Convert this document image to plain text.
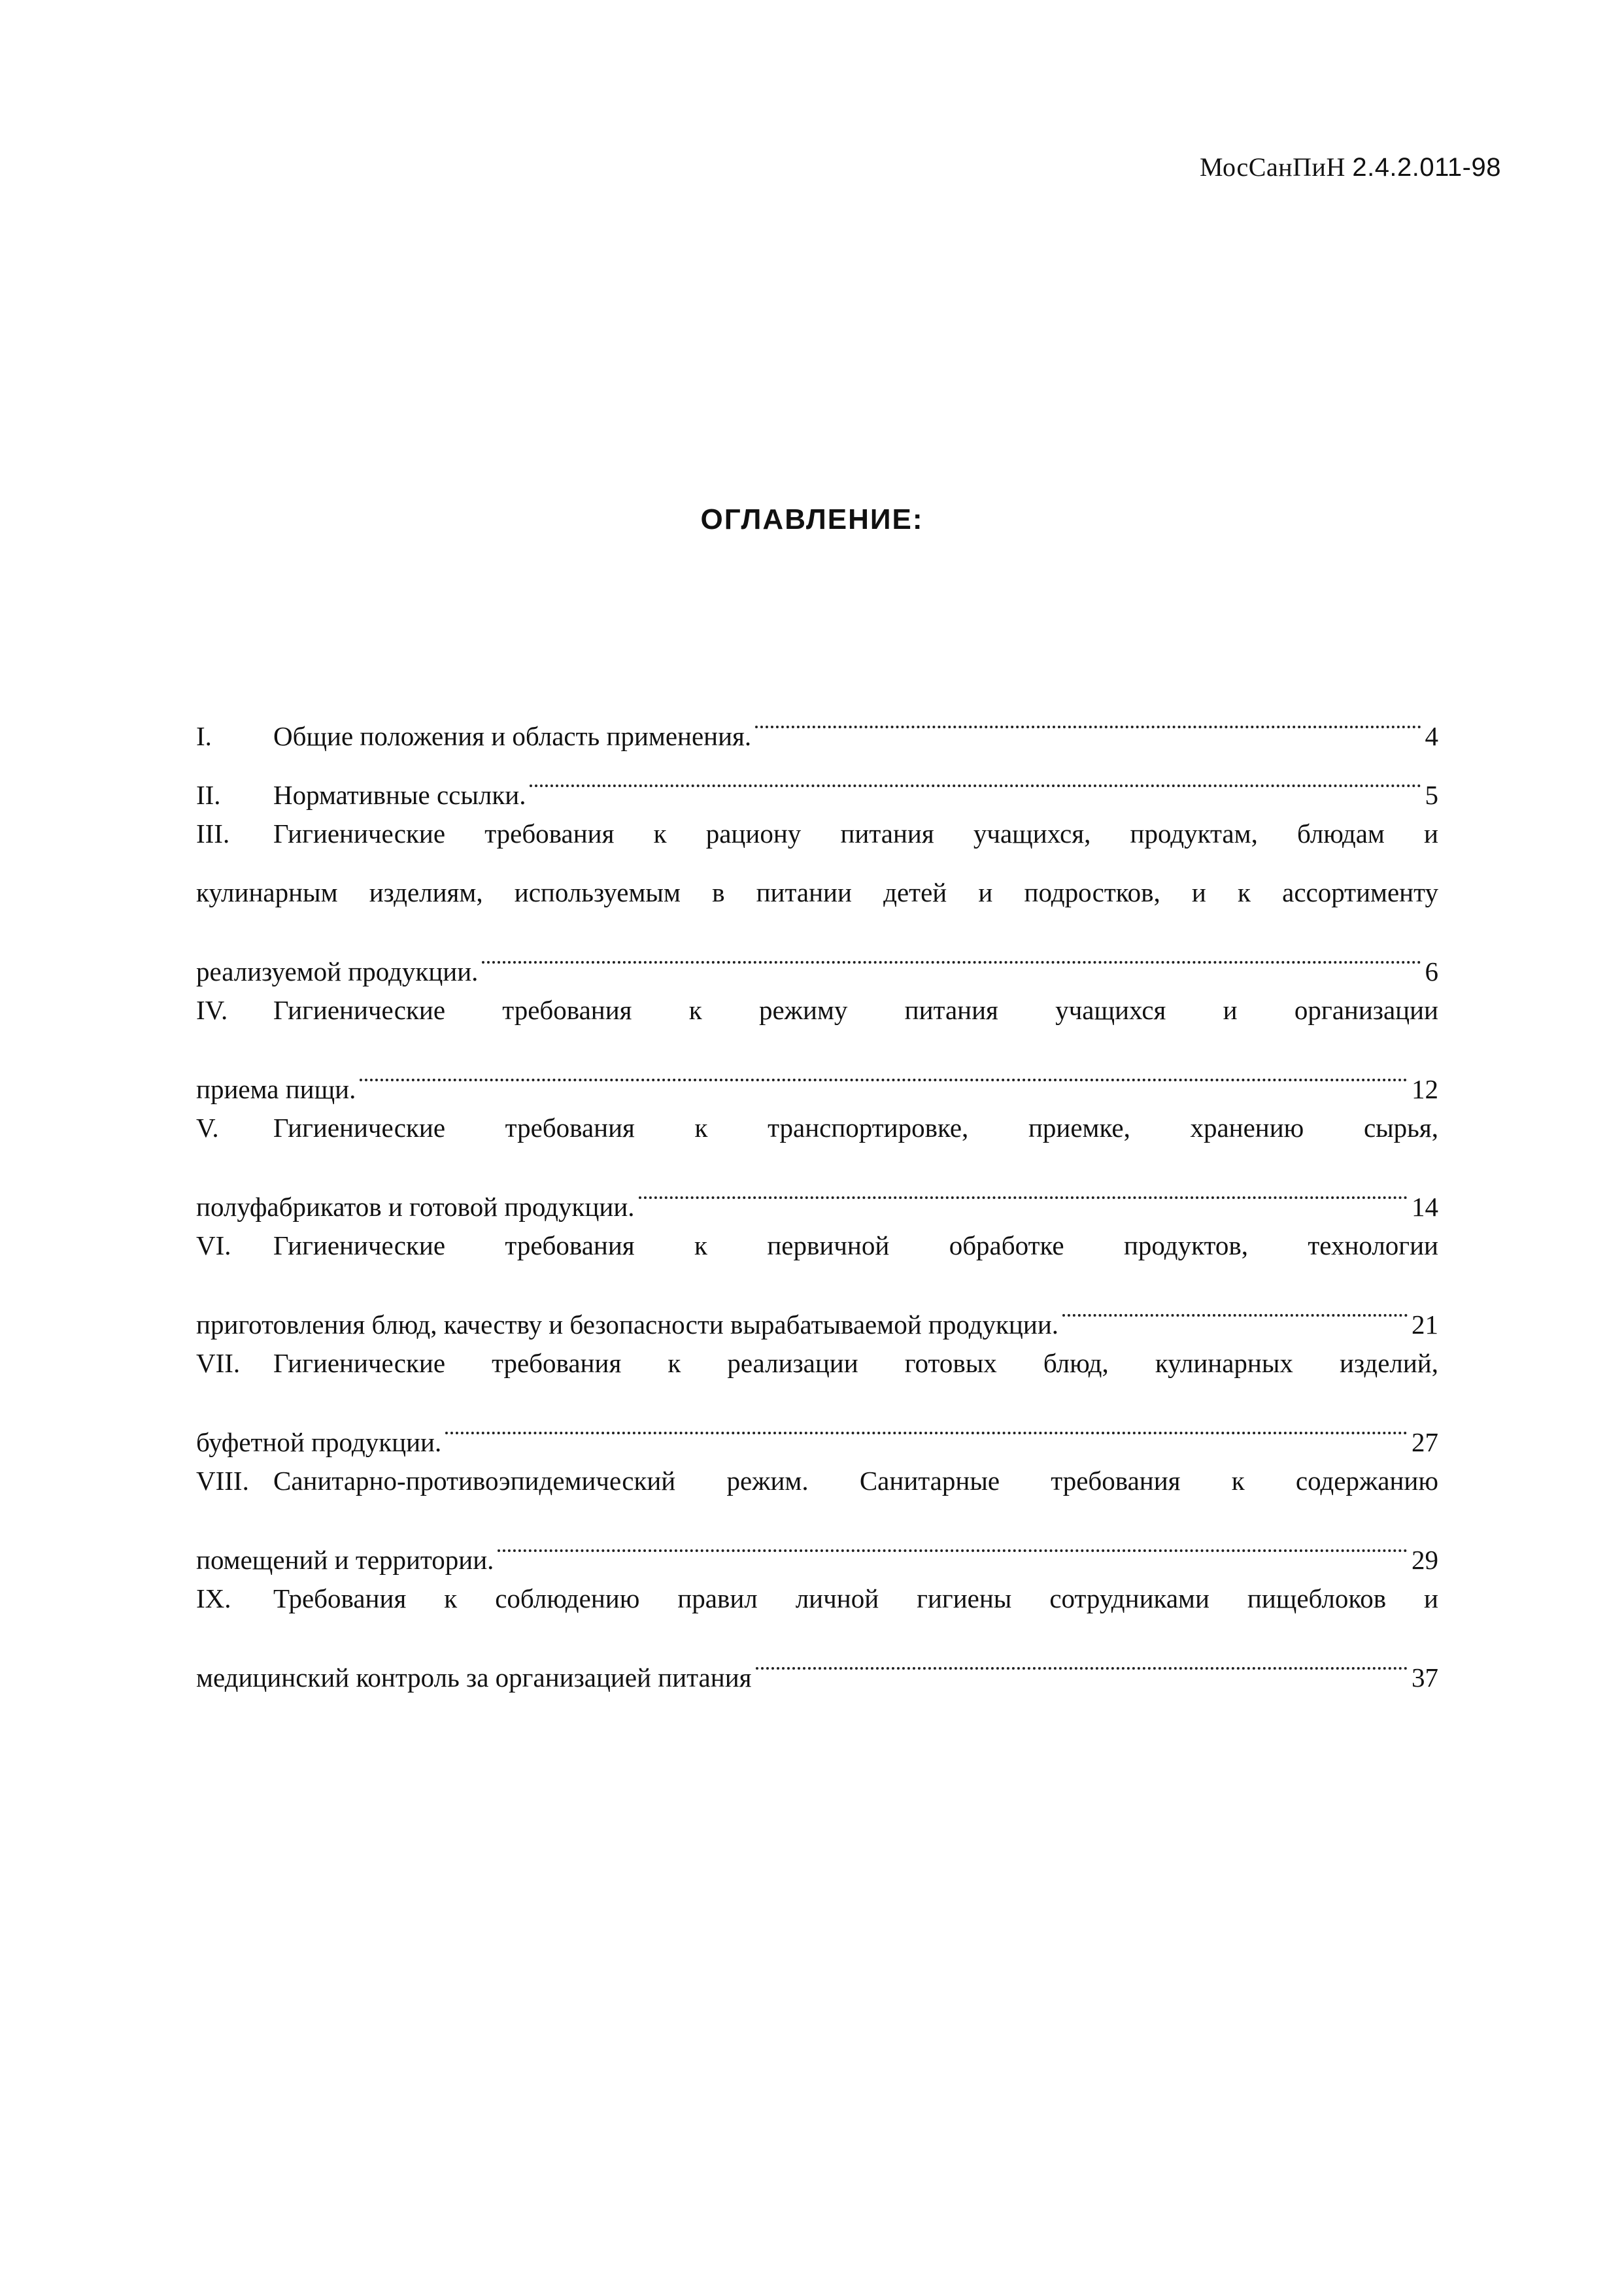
МосСанПиН 2.4.2.011-98
ОГЛАВЛЕНИЕ:
I.	Общие положения и область применения.	4
II.	Нормативные ссылки.	5
III.	Гигиенические требования к рациону питания учащихся, продуктам, блюдам и
кулинарным изделиям, используемым в питании детей и подростков, и к ассортименту
реализуемой продукции.	6
IV.	Гигиенические требования к режиму питания учащихся и организации
приема пищи.	12
V.	Гигиенические требования к транспортировке, приемке, хранению сырья,
полуфабрикатов и готовой продукции.	14
VI.	Гигиенические требования к первичной обработке продуктов, технологии
приготовления блюд, качеству и безопасности вырабатываемой продукции.	21
VII.	Гигиенические требования к реализации готовых блюд, кулинарных изделий,
буфетной продукции.	27
VIII. Санитарно-противоэпидемический режим. Санитарные требования к содержанию
помещений и территории.	29
IX.	Требования к соблюдению правил личной гигиены сотрудниками пищеблоков и
медицинский контроль за организацией питания	37
